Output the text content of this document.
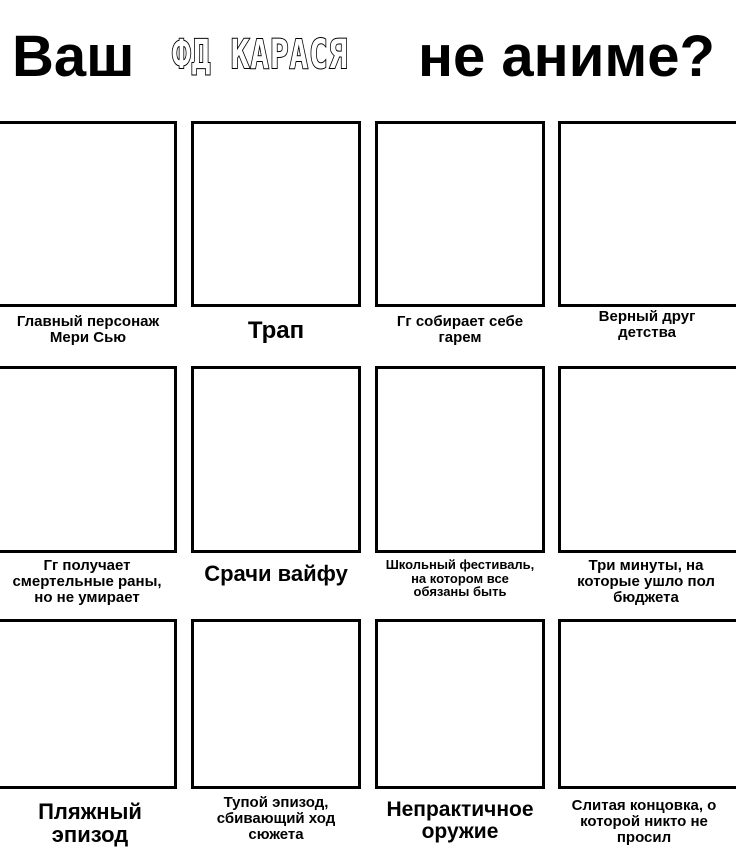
Ваш ФД КАРАСЯ не аниме?
Главный персонаж
Мери Сью	Трап	Гг собирает себе
гарем
Верный друг
детства
Гг получает
смертельные раны,
но не умирает
Срачи вайфу	Школьный фестиваль,
на котором все
обязаны быть
Три минуты, на
которые ушло пол
бюджета
Пляжный
эпизод
Тупой эпизод,
сбивающий ход
сюжета
Непрактичное
оружие
Слитая концовка, о
которой никто не
просил
